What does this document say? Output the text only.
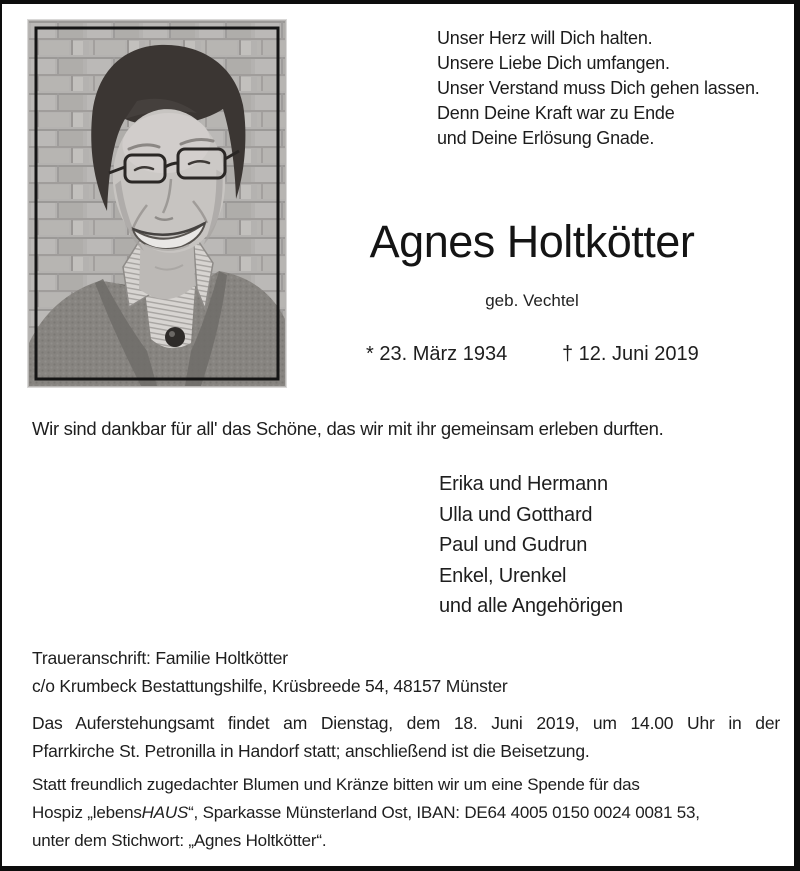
Unser Herz will Dich halten.
Unsere Liebe Dich umfangen.
Unser Verstand muss Dich gehen lassen.
Denn Deine Kraft war zu Ende
und Deine Erlösung Gnade.
Agnes Holtkötter
geb. Vechtel
* 23. März 1934	† 12. Juni 2019
Wir sind dankbar für all' das Schöne, das wir mit ihr gemeinsam erleben durften.
Erika und Hermann
Ulla und Gotthard
Paul und Gudrun
Enkel, Urenkel
und alle Angehörigen
Traueranschrift: Familie Holtkötter
c/o Krumbeck Bestattungshilfe, Krüsbreede 54, 48157 Münster
Das Auferstehungsamt findet am Dienstag, dem 18. Juni 2019, um 14.00 Uhr in der
Pfarrkirche St. Petronilla in Handorf statt; anschließend ist die Beisetzung.
Statt freundlich zugedachter Blumen und Kränze bitten wir um eine Spende für das
Hospiz „lebensHAUS“, Sparkasse Münsterland Ost, IBAN: DE64 4005 0150 0024 0081 53,
unter dem Stichwort: „Agnes Holtkötter“.
